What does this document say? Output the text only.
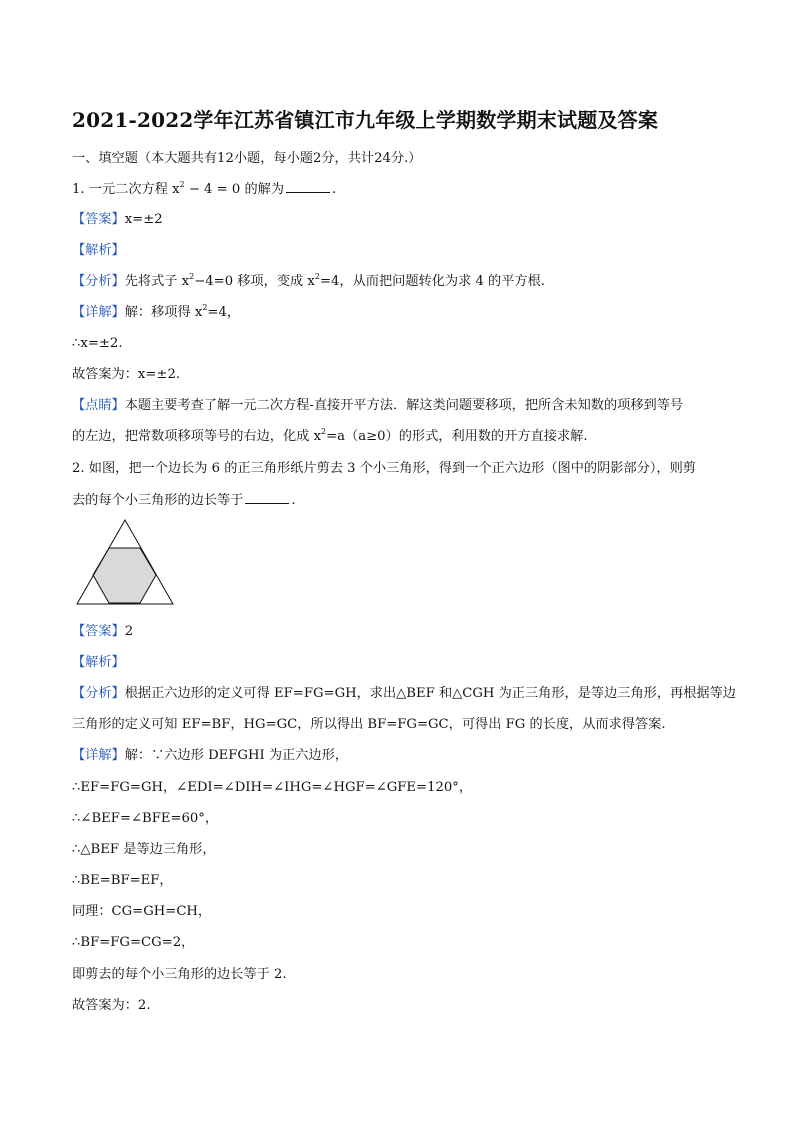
2021-2022学年江苏省镇江市九年级上学期数学期末试题及答案
一、填空题（本大题共有12小题，每小题2分，共计24分.）
1. 一元二次方程 $x^2 - 4 = 0$ 的解为	.
【答案】x=±2
【解析】
【分析】先将式子 $x^2-4=0$ 移项，变成 $x^2=4$，从而把问题转化为求 4 的平方根.
【详解】解：移项得 $x^2=4$，
∴x=±2.
故答案为：x=±2.
【点睛】本题主要考查了解一元二次方程-直接开平方法．解这类问题要移项，把所含未知数的项移到等号
的左边，把常数项移项等号的右边，化成 $x^2=a(a\ge 0)$的形式，利用数的开方直接求解.
2. 如图，把一个边长为 6 的正三角形纸片剪去 3 个小三角形，得到一个正六边形（图中的阴影部分），则剪
去的每个小三角形的边长等于	.
【答案】2
【解析】
【分析】根据正六边形的定义可得 EF=FG=GH，求出△BEF 和△CGH 为正三角形，是等边三角形，再根据等边
三角形的定义可知 EF=BF，HG=GC，所以得出 BF=FG=GC，可得出 FG 的长度，从而求得答案.
【详解】解：∵六边形 DEFGHI 为正六边形，
∴EF=FG=GH，∠EDI=∠DIH=∠IHG=∠HGF=∠GFE=120°，
∴∠BEF=∠BFE=60°，
∴△BEF 是等边三角形，
∴BE=BF=EF，
同理：CG=GH=CH，
∴BF=FG=CG=2，
即剪去的每个小三角形的边长等于 2.
故答案为：2.
